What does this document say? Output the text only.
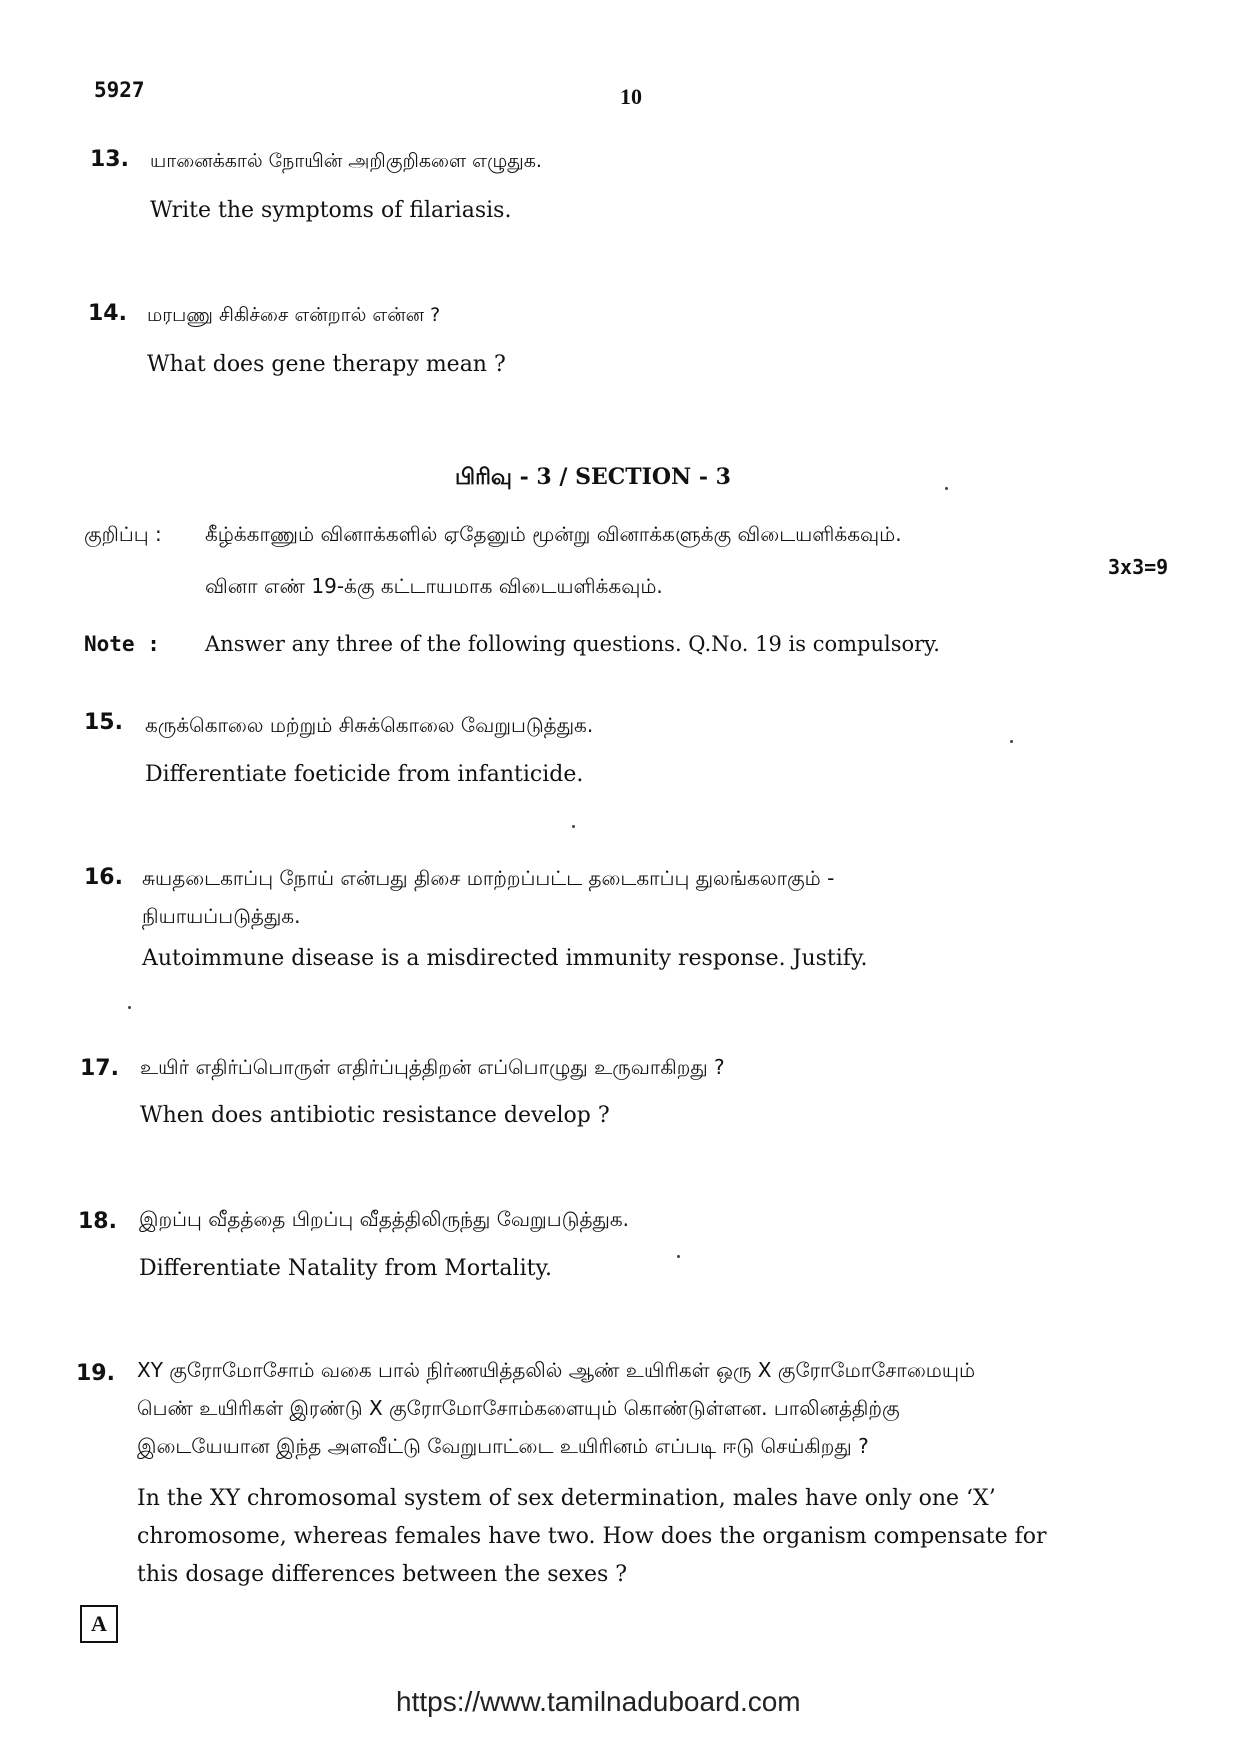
5927	10
13. யானைக்கால் நோயின் அறிகுறிகளை எழுதுக.
Write the symptoms of filariasis.
14. மரபணு சிகிச்சை என்றால் என்ன ?
What does gene therapy mean ?
பிரிவு - 3 / SECTION - 3
குறிப்பு : கீழ்க்காணும் வினாக்களில் ஏதேனும் மூன்று வினாக்களுக்கு விடையளிக்கவும்.
3x3=9
வினா எண் 19-க்கு கட்டாயமாக விடையளிக்கவும்.
Note : Answer any three of the following questions. Q.No. 19 is compulsory.
15. கருக்கொலை மற்றும் சிசுக்கொலை வேறுபடுத்துக.
Differentiate foeticide from infanticide.
16. சுயதடைகாப்பு நோய் என்பது திசை மாற்றப்பட்ட தடைகாப்பு துலங்கலாகும் -
நியாயப்படுத்துக.
Autoimmune disease is a misdirected immunity response. Justify.
17. உயிர் எதிர்ப்பொருள் எதிர்ப்புத்திறன் எப்பொழுது உருவாகிறது ?
When does antibiotic resistance develop ?
18. இறப்பு வீதத்தை பிறப்பு வீதத்திலிருந்து வேறுபடுத்துக.
Differentiate Natality from Mortality.
19. XY குரோமோசோம் வகை பால் நிர்ணயித்தலில் ஆண் உயிரிகள் ஒரு X குரோமோசோமையும்
பெண் உயிரிகள் இரண்டு X குரோமோசோம்களையும் கொண்டுள்ளன. பாலினத்திற்கு
இடையேயான இந்த அளவீட்டு வேறுபாட்டை உயிரினம் எப்படி ஈடு செய்கிறது ?
In the XY chromosomal system of sex determination, males have only one ‘X’
chromosome, whereas females have two. How does the organism compensate for
this dosage differences between the sexes ?
A
https://www.tamilnaduboard.com
